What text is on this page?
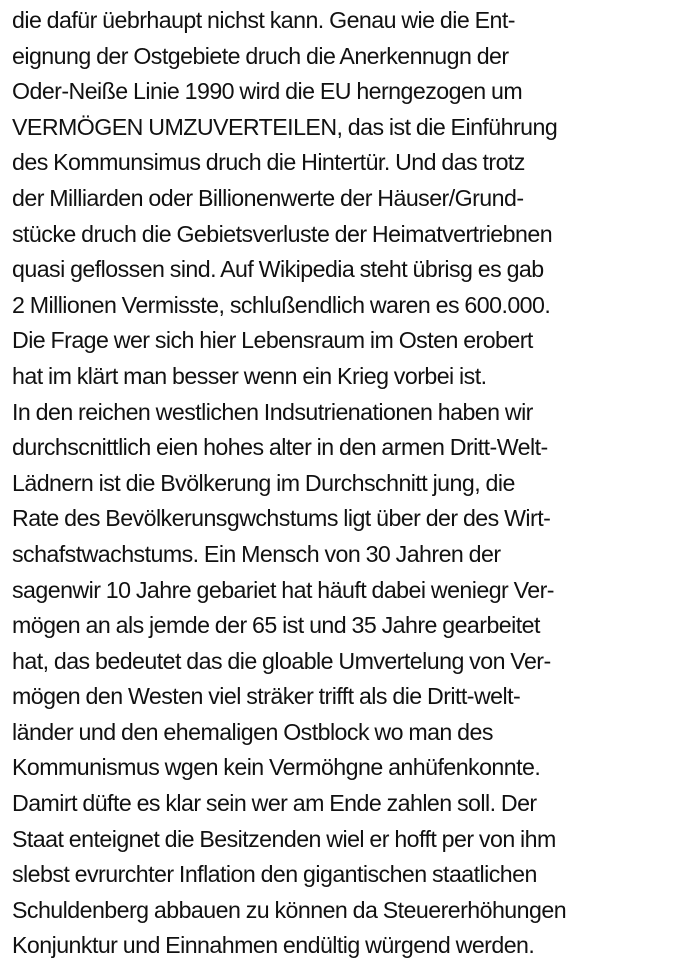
die dafür üebrhaupt nichst kann. Genau wie die Ent-
eignung der Ostgebiete druch die Anerkennugn der
Oder-Neiße Linie 1990 wird die EU herngezogen um
VERMÖGEN UMZUVERTEILEN, das ist die Einführung
des Kommunsimus druch die Hintertür. Und das trotz
der Milliarden oder Billionenwerte der Häuser/Grund-
stücke druch die Gebietsverluste der Heimatvertriebnen
quasi geflossen sind. Auf Wikipedia steht übrisg es gab
2 Millionen Vermisste, schlußendlich waren es 600.000.
Die Frage wer sich hier Lebensraum im Osten erobert
hat im klärt man besser wenn ein Krieg vorbei ist.
In den reichen westlichen Indsutrienationen haben wir
durchscnittlich eien hohes alter in den armen Dritt-Welt-
Lädnern ist die Bvölkerung im Durchschnitt jung, die
Rate des Bevölkerunsgwchstums ligt über der des Wirt-
schafstwachstums. Ein Mensch von 30 Jahren der
sagenwir 10 Jahre gebariet hat häuft dabei weniegr Ver-
mögen an als jemde der 65 ist und 35 Jahre gearbeitet
hat, das bedeutet das die gloable Umvertelung von Ver-
mögen den Westen viel sträker trifft als die Dritt-welt-
länder und den ehemaligen Ostblock wo man des
Kommunismus wgen kein Vermöhgne anhüfenkonnte.
Damirt düfte es klar sein wer am Ende zahlen soll. Der
Staat enteignet die Besitzenden wiel er hofft per von ihm
slebst evrurchter Inflation den gigantischen staatlichen
Schuldenberg abbauen zu können da Steuererhöhungen
Konjunktur und Einnahmen endültig würgend werden.
